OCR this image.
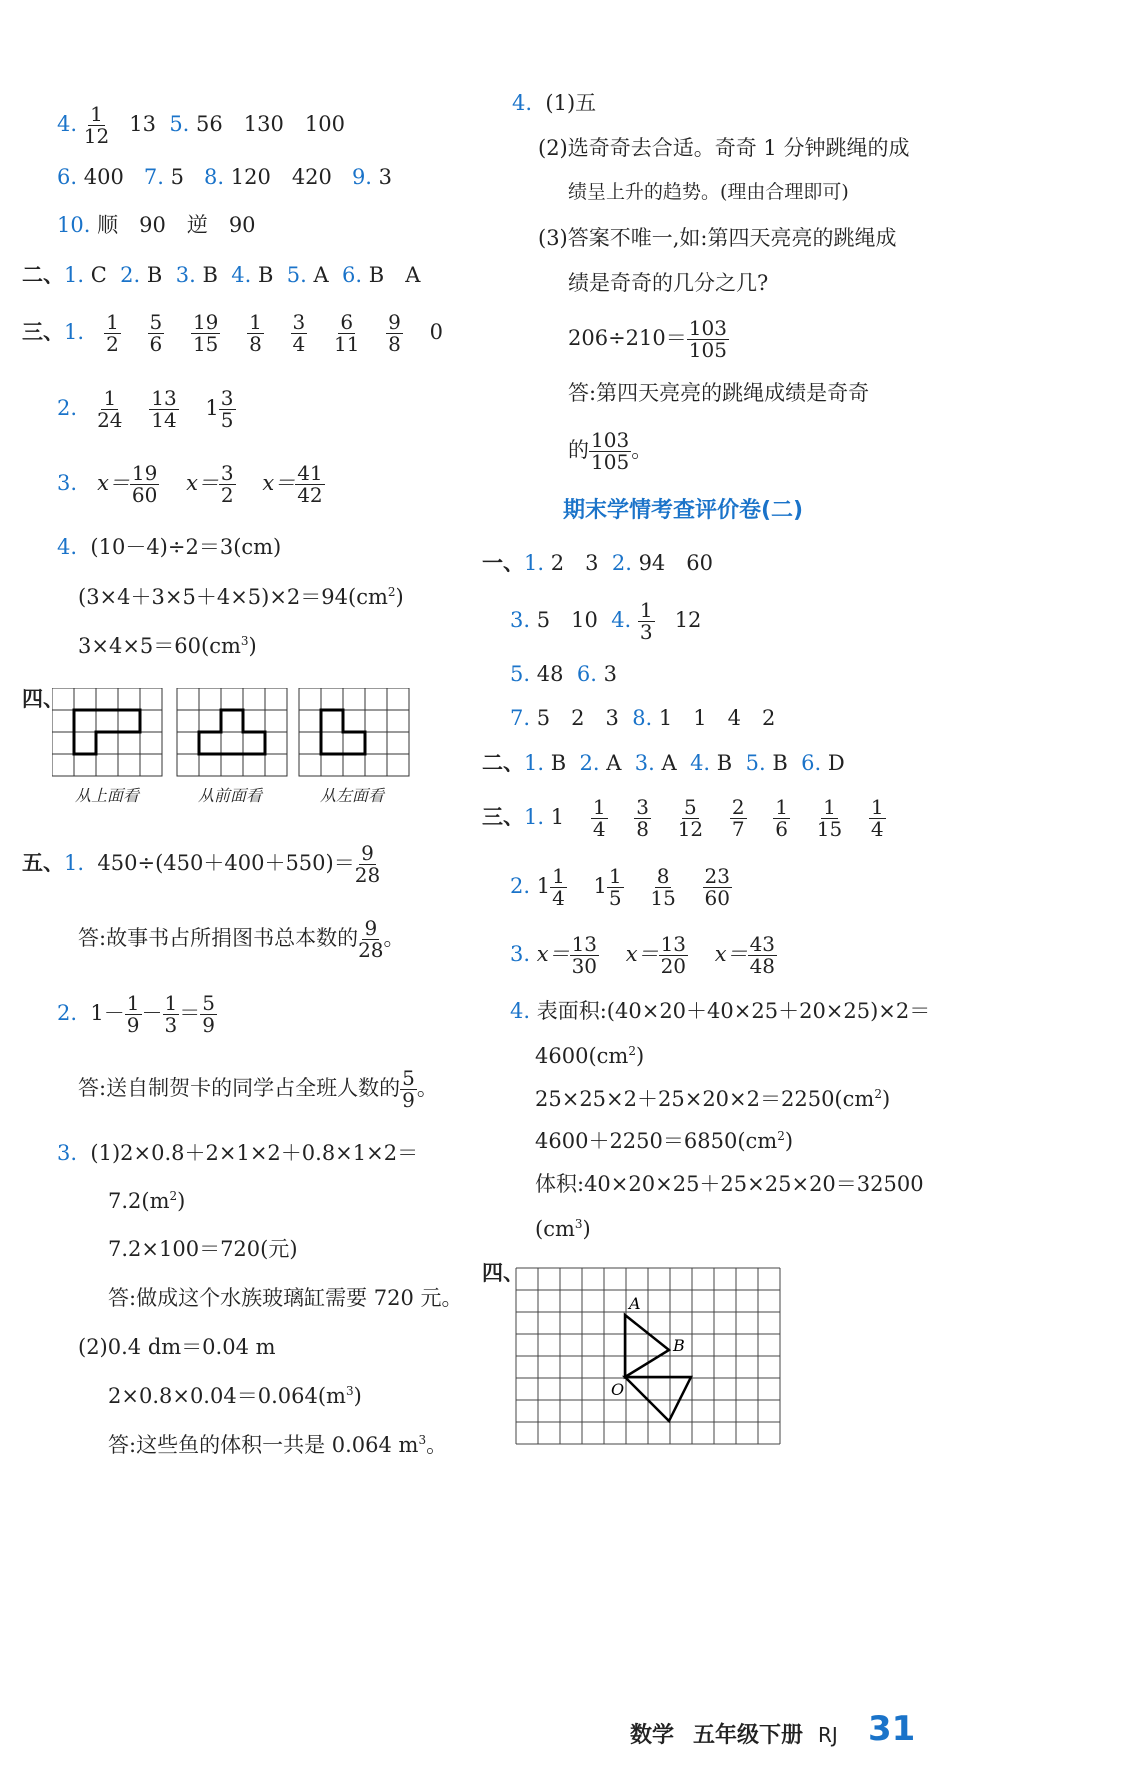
4. $\frac{1}{12} 13$ 5. 56　130　100
6. 400 7. 5 8. 120　420 9. 3
10. 顺　90　逆　90
二、1. C 2. B 3. B 4. B 5. A 6. B　A
三、1. $\frac{1}{2}$
$\frac{5}{6}$
$\frac{19}{15}$
$\frac{1}{8}$
$\frac{3}{4}$
$\frac{6}{11}$
$\frac{9}{8} 0$
2. $\frac{1}{24}$
$\frac{13}{14} 1 \frac{3}{5}$
3. $x= \frac{19}{60} x= \frac{3}{2} x= \frac{41}{42}$
4. (10－4)÷2＝3(cm)
$(3\times 4+3\times 5+4\times 5)\times 2=94(cm^2)$
$3\times 4\times 5=60(cm^3)$
四、
从上面看	从前面看	从左面看
五、1. $450\div(450+400+550)= \frac{9}{28}$
答:故事书占所捐图书总本数的 $\frac{9}{28}$ 。
2. $1- \frac{1}{9} - \frac{1}{3} = \frac{5}{9}$
答:送自制贺卡的同学占全班人数的 $\frac{5}{9}$ 。
3. (1)2×0.8＋2×1×2＋0.8×1×2＝
$7.2(m^2)$
7.2×100＝720(元)
答:做成这个水族玻璃缸需要 720 元。
(2)0.4 dm＝0.04 m
$2\times 0.8\times 0.04=0.064(m^3)$
答:这些鱼的体积一共是 0.064 $m^3$。
4. (1)五
(2)选奇奇去合适。奇奇 1 分钟跳绳的成
绩呈上升的趋势。(理由合理即可)
(3)答案不唯一,如:第四天亮亮的跳绳成
绩是奇奇的几分之几?
$206\div 210= \frac{103}{105}$
答:第四天亮亮的跳绳成绩是奇奇
的 $\frac{103}{105}$ 。
期末学情考查评价卷(二)
一、1. 2　3 2. 94　60
3. 5　10 4. $\frac{1}{3} 12$
5. 48 6. 3
7. 5　2　3 8. 1　1　4　2
二、1. B 2. A 3. A 4. B 5. B 6. D
三、1. $1 \frac{1}{4}$
$\frac{3}{8}$
$\frac{5}{12}$
$\frac{2}{7}$
$\frac{1}{6}$
$\frac{1}{15}$
$\frac{1}{4}$
2. $1 \frac{1}{4} 1 \frac{1}{5}$
$\frac{8}{15}$
$\frac{23}{60}$
3. $x= \frac{13}{30} x= \frac{13}{20} x= \frac{43}{48}$
4. 表面积:(40×20＋40×25＋20×25)×2＝
$4600(cm^2)$
$25\times 25\times 2+25\times 20\times 2=2250(cm^2)$
$4600+2250=6850(cm^2)$
体积:40×20×25＋25×25×20＝32500
$(cm^3)$
四、
A
B
O
数学 五年级下册 RJ 31
